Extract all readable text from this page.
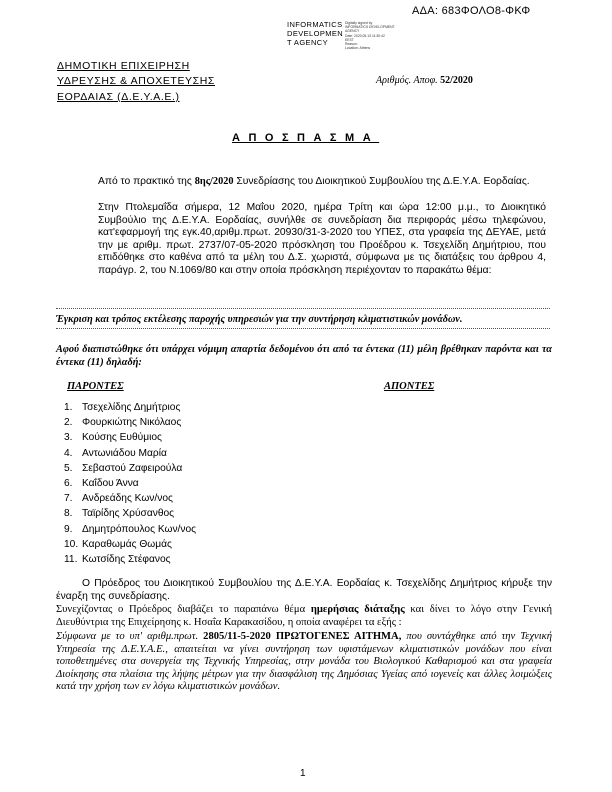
ΑΔΑ: 683ΦΟΛΟ8-ΦΚΦ
INFORMATICS
DEVELOPMEN
T AGENCY
Digitally signed by
INFORMATICS DEVELOPMENT
AGENCY
Date: 2020.05.13 11:30:42
EEST
Reason:
Location: Athens
ΔΗΜΟΤΙΚΗ ΕΠΙΧΕΙΡΗΣΗ
ΥΔΡΕΥΣΗΣ & ΑΠΟΧΕΤΕΥΣΗΣ
ΕΟΡΔΑΙΑΣ (Δ.Ε.Υ.Α.Ε.)
Αριθμός. Αποφ. 52/2020
ΑΠΟΣΠΑΣΜΑ
Από το πρακτικό της 8ης/2020 Συνεδρίασης του Διοικητικού Συμβουλίου της Δ.Ε.Υ.Α. Εορδαίας.
Στην Πτολεμαΐδα σήμερα, 12 Μαΐου 2020, ημέρα Τρίτη και ώρα 12:00 μ.μ., το Διοικητικό Συμβούλιο της Δ.Ε.Υ.Α. Εορδαίας, συνήλθε σε συνεδρίαση δια περιφοράς μέσω τηλεφώνου, κατ'εφαρμογή της εγκ.40,αριθμ.πρωτ. 20930/31-3-2020 του ΥΠΕΣ, στα γραφεία της ΔΕΥΑΕ, μετά την με αριθμ. πρωτ. 2737/07-05-2020 πρόσκληση του Προέδρου κ. Τσεχελίδη Δημήτριου, που επιδόθηκε στο καθένα από τα μέλη του Δ.Σ. χωριστά, σύμφωνα με τις διατάξεις του άρθρου 4, παράγρ. 2, του Ν.1069/80 και στην οποία πρόσκληση περιέχονταν το παρακάτω θέμα:
Έγκριση και τρόπος εκτέλεσης παροχής υπηρεσιών για την συντήρηση κλιματιστικών μονάδων.
Αφού διαπιστώθηκε ότι υπάρχει νόμιμη απαρτία δεδομένου ότι από τα έντεκα (11) μέλη βρέθηκαν παρόντα και τα έντεκα (11) δηλαδή:
ΠΑΡΟΝΤΕΣ	ΑΠΟΝΤΕΣ
1. Τσεχελίδης Δημήτριος
2. Φουρκιώτης Νικόλαος
3. Κούσης Ευθύμιος
4. Αντωνιάδου Μαρία
5. Σεβαστού Ζαφειρούλα
6. Καΐδου Άννα
7. Ανδρεάδης Κων/νος
8. Ταϊρίδης Χρύσανθος
9. Δημητρόπουλος Κων/νος
10. Καραθωμάς Θωμάς
11. Κωτσίδης Στέφανος
Ο Πρόεδρος του Διοικητικού Συμβουλίου της Δ.Ε.Υ.Α. Εορδαίας κ. Τσεχελίδης Δημήτριος κήρυξε την έναρξη της συνεδρίασης.
Συνεχίζοντας ο Πρόεδρος διαβάζει το παραπάνω θέμα ημερήσιας διάταξης και δίνει το λόγο στην Γενική Διευθύντρια της Επιχείρησης κ. Ησαΐα Καρακασίδου, η οποία αναφέρει τα εξής :
Σύμφωνα με το υπ' αριθμ.πρωτ. 2805/11-5-2020 ΠΡΩΤΟΓΕΝΕΣ ΑΙΤΗΜΑ, που συντάχθηκε από την Τεχνική Υπηρεσία της Δ.Ε.Υ.Α.Ε., απαιτείται να γίνει συντήρηση των υφιστάμενων κλιματιστικών μονάδων που είναι τοποθετημένες στα συνεργεία της Τεχνικής Υπηρεσίας, στην μονάδα του Βιολογικού Καθαρισμού και στα γραφεία Διοίκησης στα πλαίσια της λήψης μέτρων για την διασφάλιση της Δημόσιας Υγείας από ιογενείς και άλλες λοιμώξεις κατά την χρήση των εν λόγω κλιματιστικών μονάδων.
1
